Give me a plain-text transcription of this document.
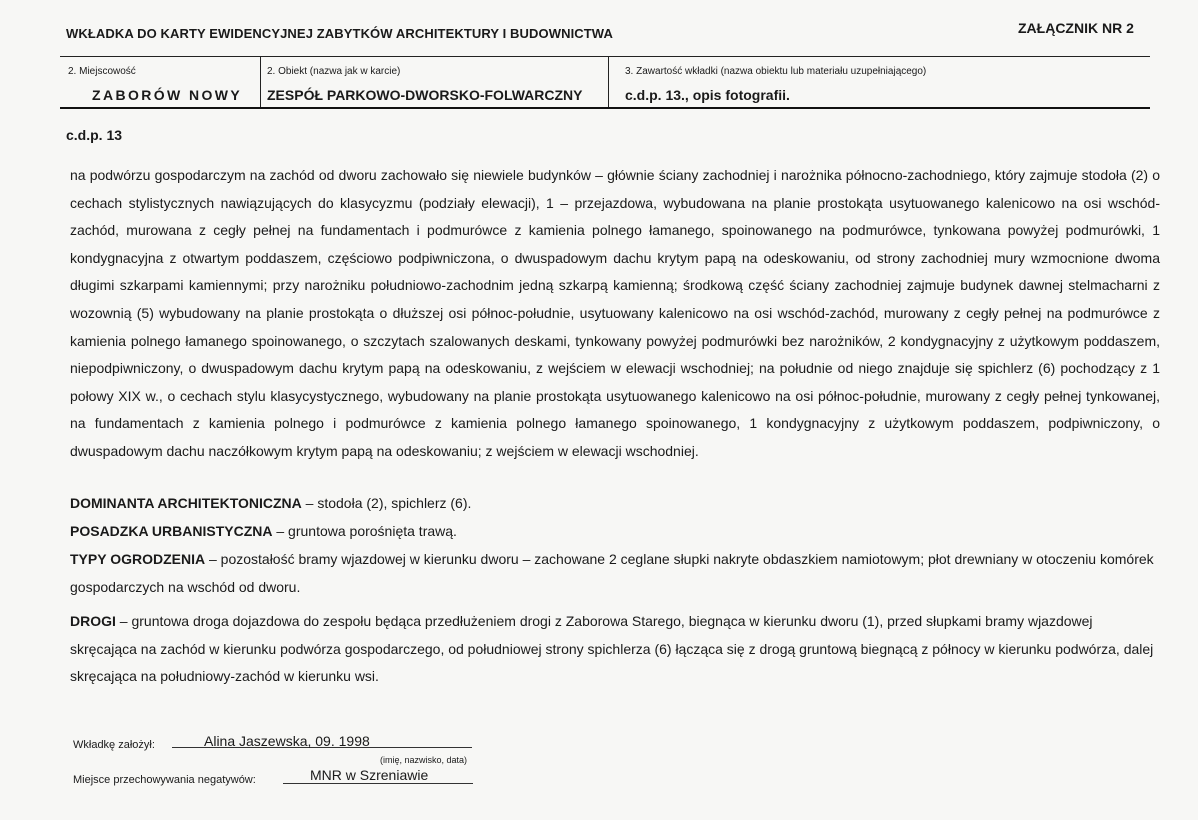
WKŁADKA DO KARTY EWIDENCYJNEJ ZABYTKÓW ARCHITEKTURY I BUDOWNICTWA	ZAŁĄCZNIK NR 2
2. Miejscowość
ZABORÓW NOWY
2. Obiekt (nazwa jak w karcie)
ZESPÓŁ PARKOWO-DWORSKO-FOLWARCZNY
3. Zawartość wkładki (nazwa obiektu lub materiału uzupełniającego)
c.d.p. 13., opis fotografii.
c.d.p. 13
na podwórzu gospodarczym na zachód od dworu zachowało się niewiele budynków – głównie ściany zachodniej i narożnika północno-zachodniego, który zajmuje stodoła (2) o cechach stylistycznych nawiązujących do klasycyzmu (podziały elewacji), 1 – przejazdowa, wybudowana na planie prostokąta usytuowanego kalenicowo na osi wschód-zachód, murowana z cegły pełnej na fundamentach i podmurówce z kamienia polnego łamanego, spoinowanego na podmurówce, tynkowana powyżej podmurówki, 1 kondygnacyjna z otwartym poddaszem, częściowo podpiwniczona, o dwuspadowym dachu krytym papą na odeskowaniu, od strony zachodniej mury wzmocnione dwoma długimi szkarpami kamiennymi; przy narożniku południowo-zachodnim jedną szkarpą kamienną; środkową część ściany zachodniej zajmuje budynek dawnej stelmacharni z wozownią (5) wybudowany na planie prostokąta o dłuższej osi północ-południe, usytuowany kalenicowo na osi wschód-zachód, murowany z cegły pełnej na podmurówce z kamienia polnego łamanego spoinowanego, o szczytach szalowanych deskami, tynkowany powyżej podmurówki bez narożników, 2 kondygnacyjny z użytkowym poddaszem, niepodpiwniczony, o dwuspadowym dachu krytym papą na odeskowaniu, z wejściem w elewacji wschodniej; na południe od niego znajduje się spichlerz (6) pochodzący z 1 połowy XIX w., o cechach stylu klasycystycznego, wybudowany na planie prostokąta usytuowanego kalenicowo na osi północ-południe, murowany z cegły pełnej tynkowanej, na fundamentach z kamienia polnego i podmurówce z kamienia polnego łamanego spoinowanego, 1 kondygnacyjny z użytkowym poddaszem, podpiwniczony, o dwuspadowym dachu naczółkowym krytym papą na odeskowaniu; z wejściem w elewacji wschodniej.
DOMINANTA ARCHITEKTONICZNA – stodoła (2), spichlerz (6).
POSADZKA URBANISTYCZNA – gruntowa porośnięta trawą.
TYPY OGRODZENIA – pozostałość bramy wjazdowej w kierunku dworu – zachowane 2 ceglane słupki nakryte obdaszkiem namiotowym; płot drewniany w otoczeniu komórek gospodarczych na wschód od dworu.
DROGI – gruntowa droga dojazdowa do zespołu będąca przedłużeniem drogi z Zaborowa Starego, biegnąca w kierunku dworu (1), przed słupkami bramy wjazdowej skręcająca na zachód w kierunku podwórza gospodarczego, od południowej strony spichlerza (6) łącząca się z drogą gruntową biegnącą z północy w kierunku podwórza, dalej skręcająca na południowy-zachód w kierunku wsi.
Wkładkę założył:	Alina Jaszewska, 09. 1998
(imię, nazwisko, data)
Miejsce przechowywania negatywów:	MNR w Szreniawie
